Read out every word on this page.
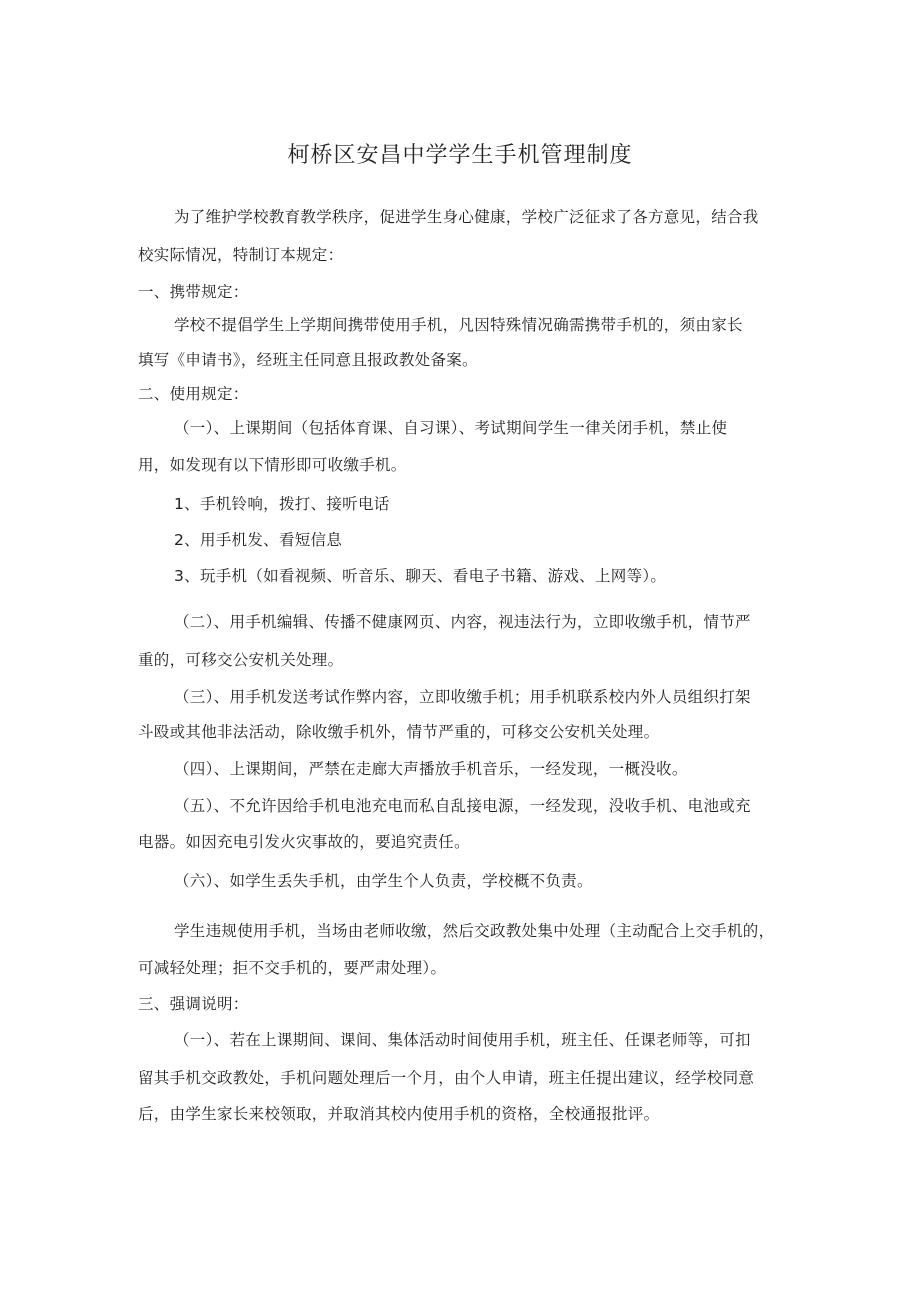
柯桥区安昌中学学生手机管理制度
为了维护学校教育教学秩序，促进学生身心健康，学校广泛征求了各方意见，结合我
校实际情况，特制订本规定：
一、携带规定：
学校不提倡学生上学期间携带使用手机，凡因特殊情况确需携带手机的，须由家长
填写《申请书》，经班主任同意且报政教处备案。
二、使用规定：
（一）、上课期间（包括体育课、自习课）、考试期间学生一律关闭手机，禁止使
用，如发现有以下情形即可收缴手机。
1、手机铃响，拨打、接听电话
2、用手机发、看短信息
3、玩手机（如看视频、听音乐、聊天、看电子书籍、游戏、上网等）。
（二）、用手机编辑、传播不健康网页、内容，视违法行为，立即收缴手机，情节严
重的，可移交公安机关处理。
（三）、用手机发送考试作弊内容，立即收缴手机；用手机联系校内外人员组织打架
斗殴或其他非法活动，除收缴手机外，情节严重的，可移交公安机关处理。
（四）、上课期间，严禁在走廊大声播放手机音乐，一经发现，一概没收。
（五）、不允许因给手机电池充电而私自乱接电源，一经发现，没收手机、电池或充
电器。如因充电引发火灾事故的，要追究责任。
（六）、如学生丢失手机，由学生个人负责，学校概不负责。
学生违规使用手机，当场由老师收缴，然后交政教处集中处理（主动配合上交手机的，
可减轻处理；拒不交手机的，要严肃处理）。
三、强调说明：
（一）、若在上课期间、课间、集体活动时间使用手机，班主任、任课老师等，可扣
留其手机交政教处，手机问题处理后一个月，由个人申请，班主任提出建议，经学校同意
后，由学生家长来校领取，并取消其校内使用手机的资格，全校通报批评。
